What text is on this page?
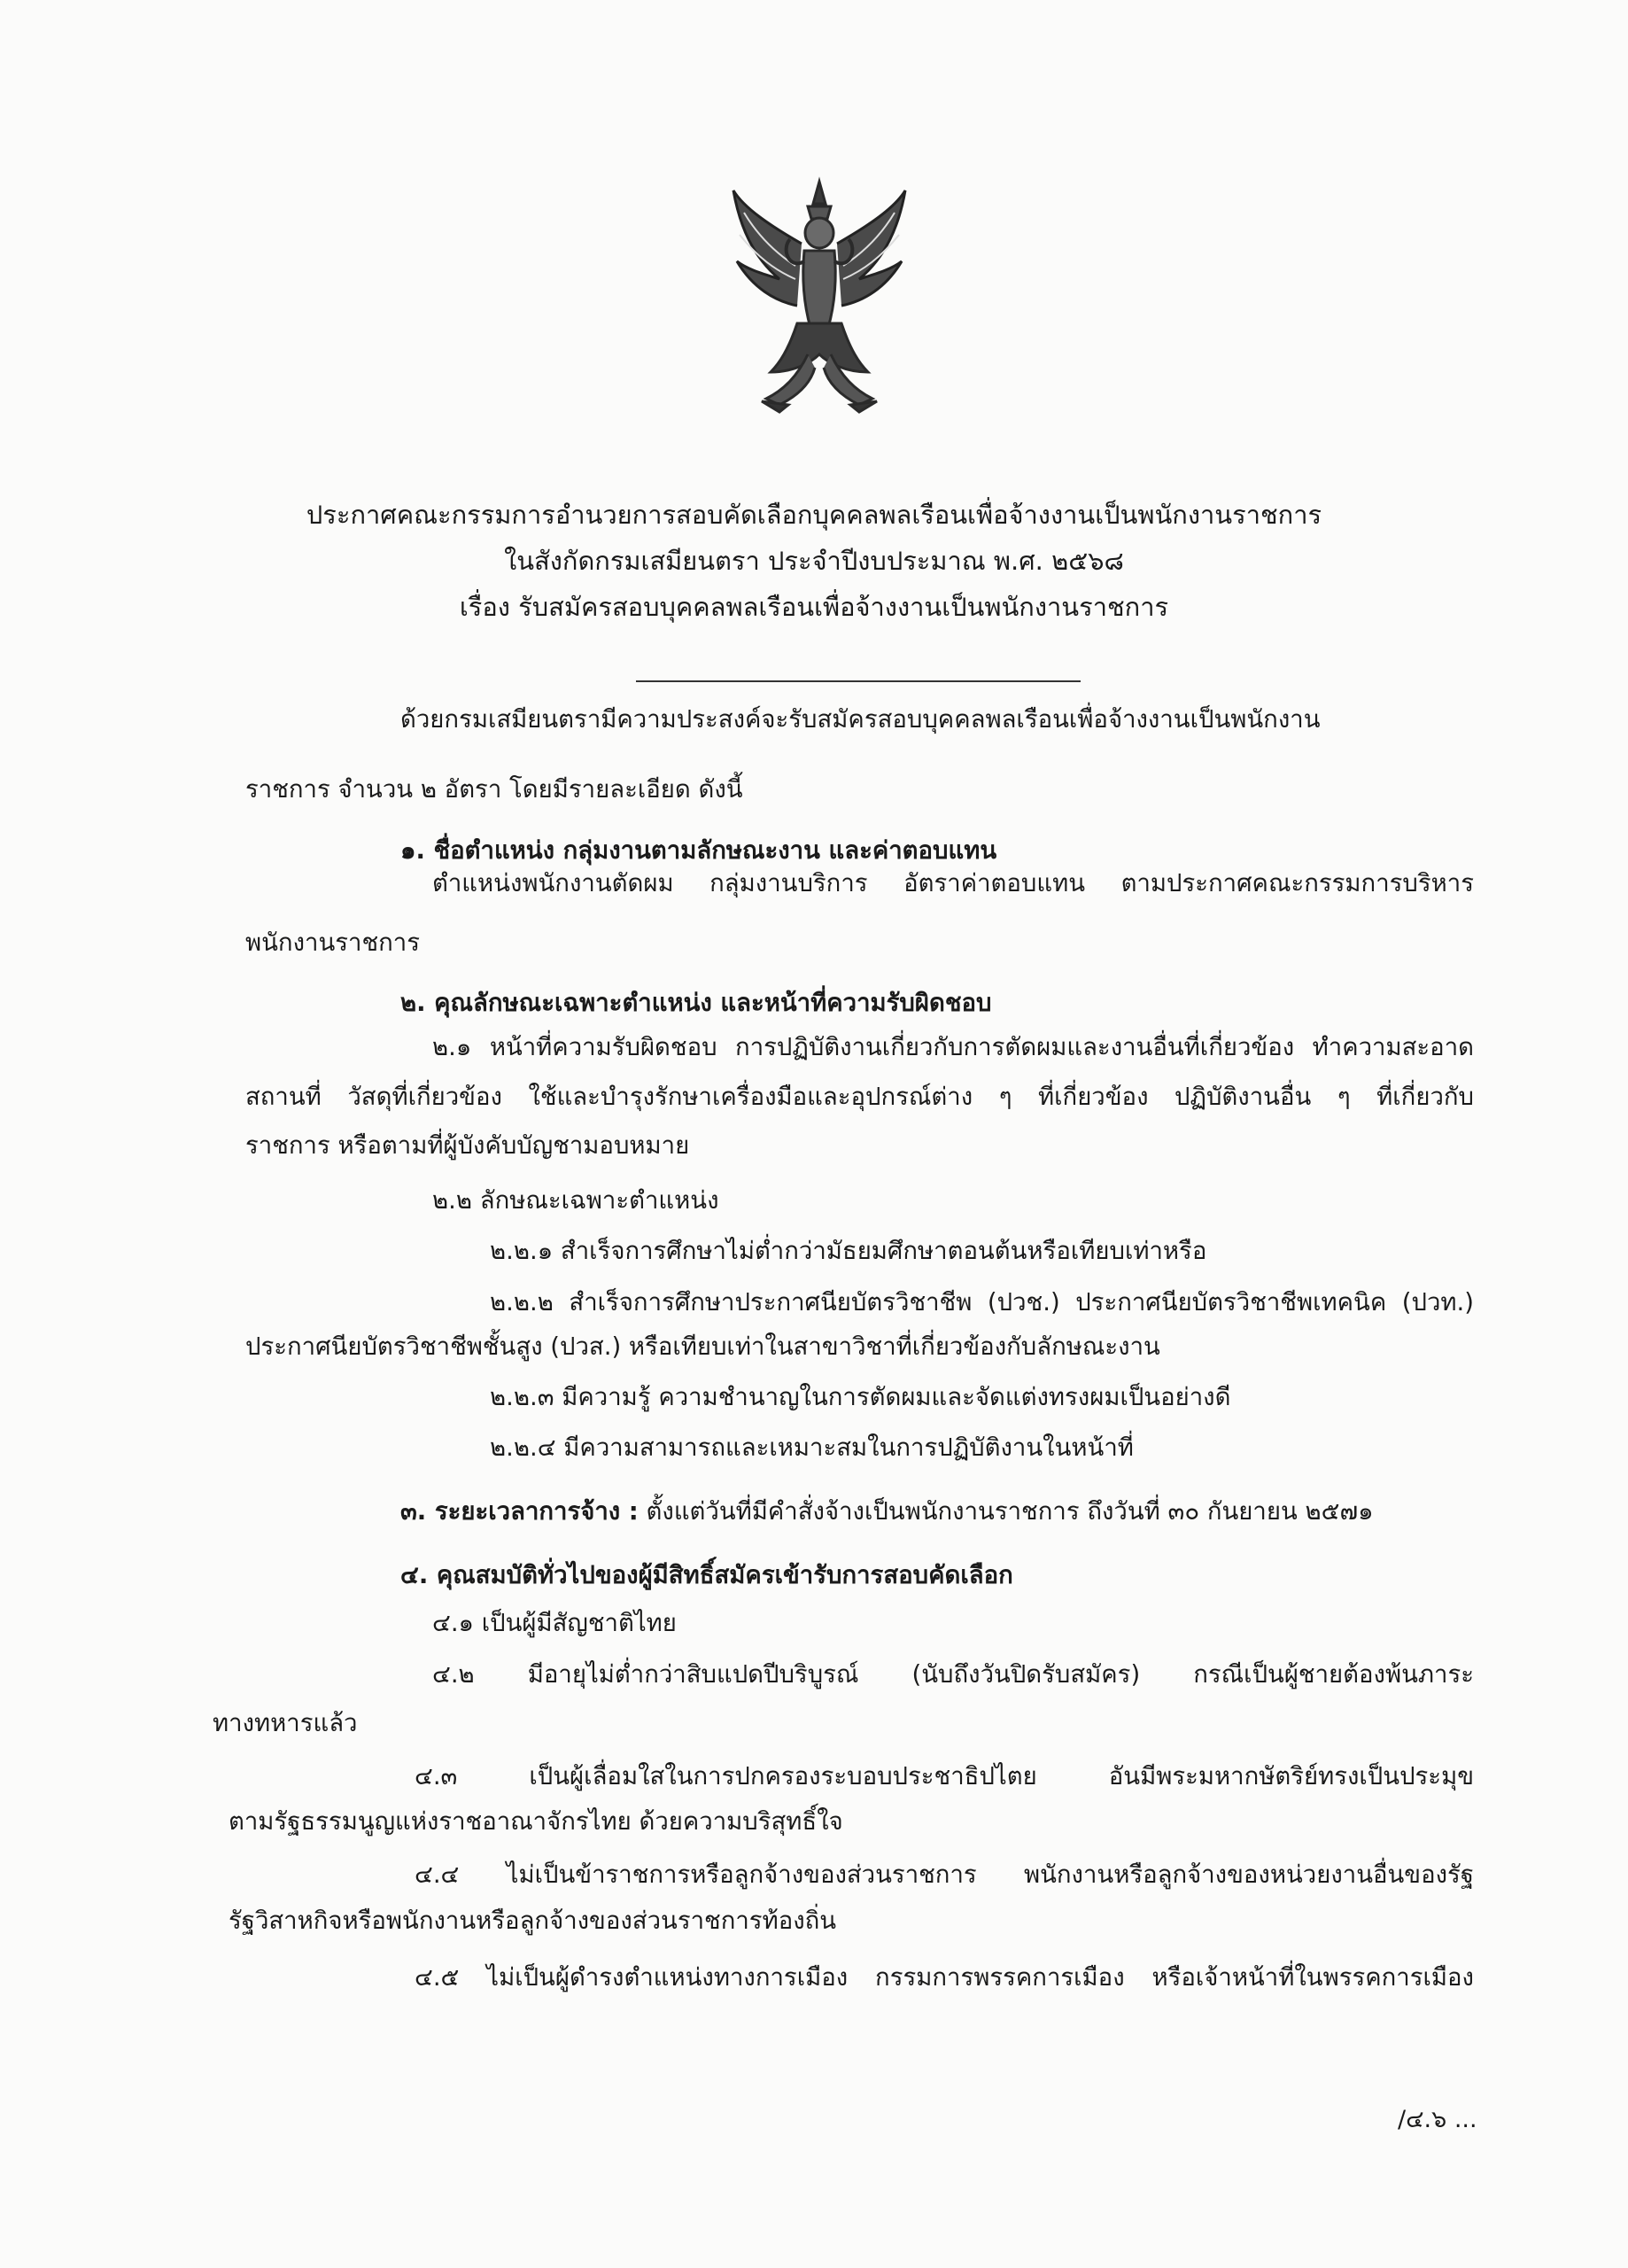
ประกาศคณะกรรมการอำนวยการสอบคัดเลือกบุคคลพลเรือนเพื่อจ้างงานเป็นพนักงานราชการ
ในสังกัดกรมเสมียนตรา ประจำปีงบประมาณ พ.ศ. ๒๕๖๘
เรื่อง รับสมัครสอบบุคคลพลเรือนเพื่อจ้างงานเป็นพนักงานราชการ
ด้วยกรมเสมียนตรามีความประสงค์จะรับสมัครสอบบุคคลพลเรือนเพื่อจ้างงานเป็นพนักงาน
ราชการ จำนวน ๒ อัตรา โดยมีรายละเอียด ดังนี้
๑. ชื่อตำแหน่ง กลุ่มงานตามลักษณะงาน และค่าตอบแทน
ตำแหน่งพนักงานตัดผม กลุ่มงานบริการ อัตราค่าตอบแทน ตามประกาศคณะกรรมการบริหาร
พนักงานราชการ
๒. คุณลักษณะเฉพาะตำแหน่ง และหน้าที่ความรับผิดชอบ
๒.๑ หน้าที่ความรับผิดชอบ การปฏิบัติงานเกี่ยวกับการตัดผมและงานอื่นที่เกี่ยวข้อง ทำความสะอาด
สถานที่ วัสดุที่เกี่ยวข้อง ใช้และบำรุงรักษาเครื่องมือและอุปกรณ์ต่าง ๆ ที่เกี่ยวข้อง ปฏิบัติงานอื่น ๆ ที่เกี่ยวกับ
ราชการ หรือตามที่ผู้บังคับบัญชามอบหมาย
๒.๒ ลักษณะเฉพาะตำแหน่ง
๒.๒.๑ สำเร็จการศึกษาไม่ต่ำกว่ามัธยมศึกษาตอนต้นหรือเทียบเท่าหรือ
๒.๒.๒ สำเร็จการศึกษาประกาศนียบัตรวิชาชีพ (ปวช.) ประกาศนียบัตรวิชาชีพเทคนิค (ปวท.)
ประกาศนียบัตรวิชาชีพชั้นสูง (ปวส.) หรือเทียบเท่าในสาขาวิชาที่เกี่ยวข้องกับลักษณะงาน
๒.๒.๓ มีความรู้ ความชำนาญในการตัดผมและจัดแต่งทรงผมเป็นอย่างดี
๒.๒.๔ มีความสามารถและเหมาะสมในการปฏิบัติงานในหน้าที่
๓. ระยะเวลาการจ้าง : ตั้งแต่วันที่มีคำสั่งจ้างเป็นพนักงานราชการ ถึงวันที่ ๓๐ กันยายน ๒๕๗๑
๔. คุณสมบัติทั่วไปของผู้มีสิทธิ์สมัครเข้ารับการสอบคัดเลือก
๔.๑ เป็นผู้มีสัญชาติไทย
๔.๒ มีอายุไม่ต่ำกว่าสิบแปดปีบริบูรณ์ (นับถึงวันปิดรับสมัคร) กรณีเป็นผู้ชายต้องพ้นภาระ
ทางทหารแล้ว
๔.๓ เป็นผู้เลื่อมใสในการปกครองระบอบประชาธิปไตย อันมีพระมหากษัตริย์ทรงเป็นประมุข
ตามรัฐธรรมนูญแห่งราชอาณาจักรไทย ด้วยความบริสุทธิ์ใจ
๔.๔ ไม่เป็นข้าราชการหรือลูกจ้างของส่วนราชการ พนักงานหรือลูกจ้างของหน่วยงานอื่นของรัฐ
รัฐวิสาหกิจหรือพนักงานหรือลูกจ้างของส่วนราชการท้องถิ่น
๔.๕ ไม่เป็นผู้ดำรงตำแหน่งทางการเมือง กรรมการพรรคการเมือง หรือเจ้าหน้าที่ในพรรคการเมือง
/๔.๖ ...
